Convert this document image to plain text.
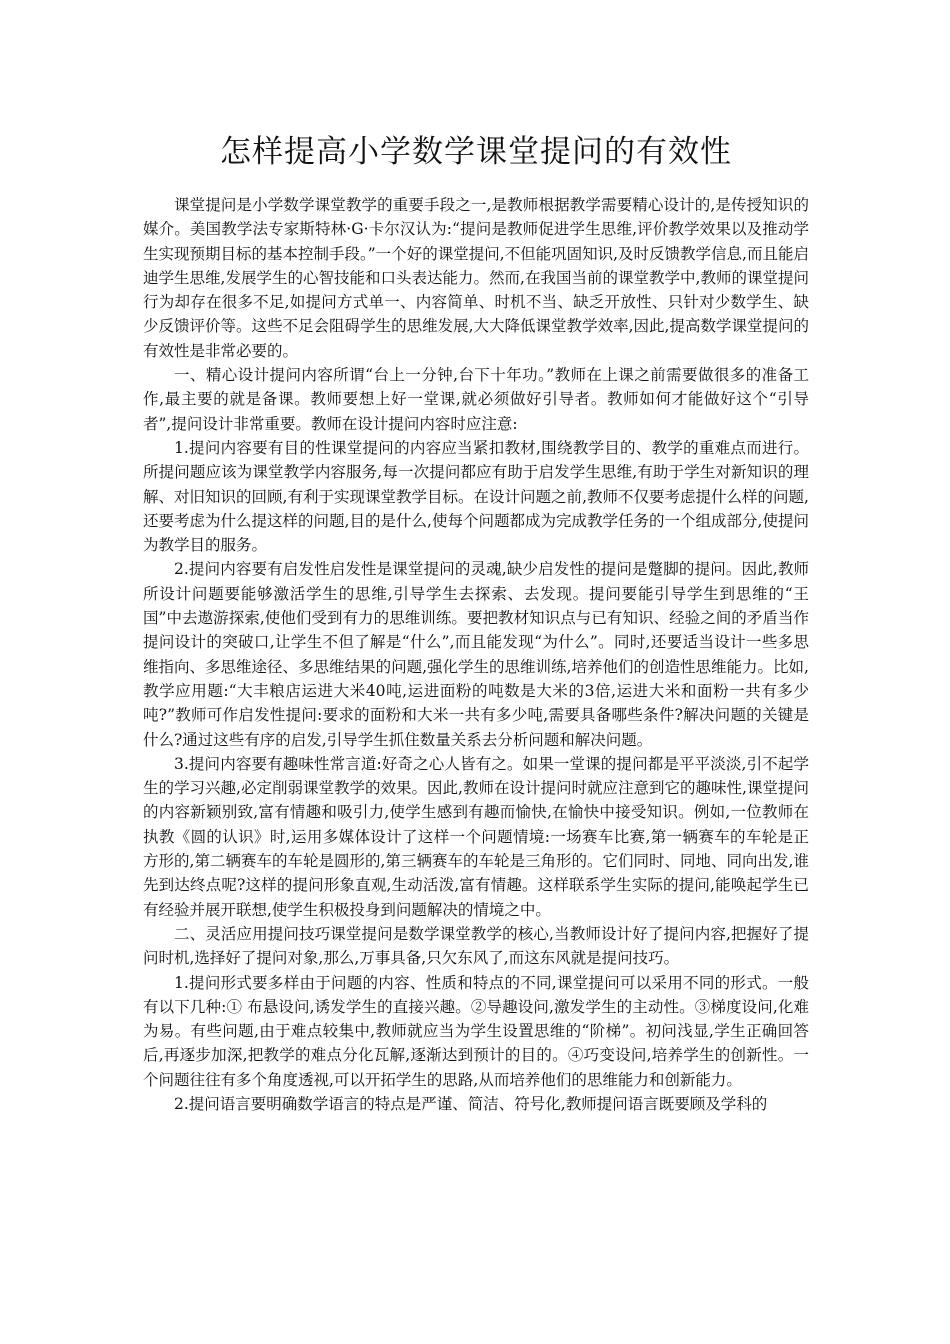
怎样提高小学数学课堂提问的有效性

课堂提问是小学数学课堂教学的重要手段之一,是教师根据教学需要精心设计的,是传授知识的媒介。美国教学法专家斯特林·G·卡尔汉认为:“提问是教师促进学生思维,评价教学效果以及推动学生实现预期目标的基本控制手段。”一个好的课堂提问,不但能巩固知识,及时反馈教学信息,而且能启迪学生思维,发展学生的心智技能和口头表达能力。然而,在我国当前的课堂教学中,教师的课堂提问行为却存在很多不足,如提问方式单一、内容简单、时机不当、缺乏开放性、只针对少数学生、缺少反馈评价等。这些不足会阻碍学生的思维发展,大大降低课堂教学效率,因此,提高数学课堂提问的有效性是非常必要的。

一、精心设计提问内容所谓“台上一分钟,台下十年功。”教师在上课之前需要做很多的准备工作,最主要的就是备课。教师要想上好一堂课,就必须做好引导者。教师如何才能做好这个“引导者”,提问设计非常重要。教师在设计提问内容时应注意:

1.提问内容要有目的性课堂提问的内容应当紧扣教材,围绕教学目的、教学的重难点而进行。所提问题应该为课堂教学内容服务,每一次提问都应有助于启发学生思维,有助于学生对新知识的理解、对旧知识的回顾,有利于实现课堂教学目标。在设计问题之前,教师不仅要考虑提什么样的问题,还要考虑为什么提这样的问题,目的是什么,使每个问题都成为完成教学任务的一个组成部分,使提问为教学目的服务。

2.提问内容要有启发性启发性是课堂提问的灵魂,缺少启发性的提问是蹩脚的提问。因此,教师所设计问题要能够激活学生的思维,引导学生去探索、去发现。提问要能引导学生到思维的“王国”中去遨游探索,使他们受到有力的思维训练。要把教材知识点与已有知识、经验之间的矛盾当作提问设计的突破口,让学生不但了解是“什么”,而且能发现“为什么”。同时,还要适当设计一些多思维指向、多思维途径、多思维结果的问题,强化学生的思维训练,培养他们的创造性思维能力。比如,教学应用题:“大丰粮店运进大米40吨,运进面粉的吨数是大米的3倍,运进大米和面粉一共有多少吨?”教师可作启发性提问:要求的面粉和大米一共有多少吨,需要具备哪些条件?解决问题的关键是什么?通过这些有序的启发,引导学生抓住数量关系去分析问题和解决问题。

3.提问内容要有趣味性常言道:好奇之心人皆有之。如果一堂课的提问都是平平淡淡,引不起学生的学习兴趣,必定削弱课堂教学的效果。因此,教师在设计提问时就应注意到它的趣味性,课堂提问的内容新颖别致,富有情趣和吸引力,使学生感到有趣而愉快,在愉快中接受知识。例如,一位教师在执教《圆的认识》时,运用多媒体设计了这样一个问题情境:一场赛车比赛,第一辆赛车的车轮是正方形的,第二辆赛车的车轮是圆形的,第三辆赛车的车轮是三角形的。它们同时、同地、同向出发,谁先到达终点呢?这样的提问形象直观,生动活泼,富有情趣。这样联系学生实际的提问,能唤起学生已有经验并展开联想,使学生积极投身到问题解决的情境之中。

二、灵活应用提问技巧课堂提问是数学课堂教学的核心,当教师设计好了提问内容,把握好了提问时机,选择好了提问对象,那么,万事具备,只欠东风了,而这东风就是提问技巧。

1.提问形式要多样由于问题的内容、性质和特点的不同,课堂提问可以采用不同的形式。一般有以下几种:① 布悬设问,诱发学生的直接兴趣。②导趣设问,激发学生的主动性。③梯度设问,化难为易。有些问题,由于难点较集中,教师就应当为学生设置思维的“阶梯”。初问浅显,学生正确回答后,再逐步加深,把教学的难点分化瓦解,逐渐达到预计的目的。④巧变设问,培养学生的创新性。一个问题往往有多个角度透视,可以开拓学生的思路,从而培养他们的思维能力和创新能力。

2.提问语言要明确数学语言的特点是严谨、简洁、符号化,教师提问语言既要顾及学科的
